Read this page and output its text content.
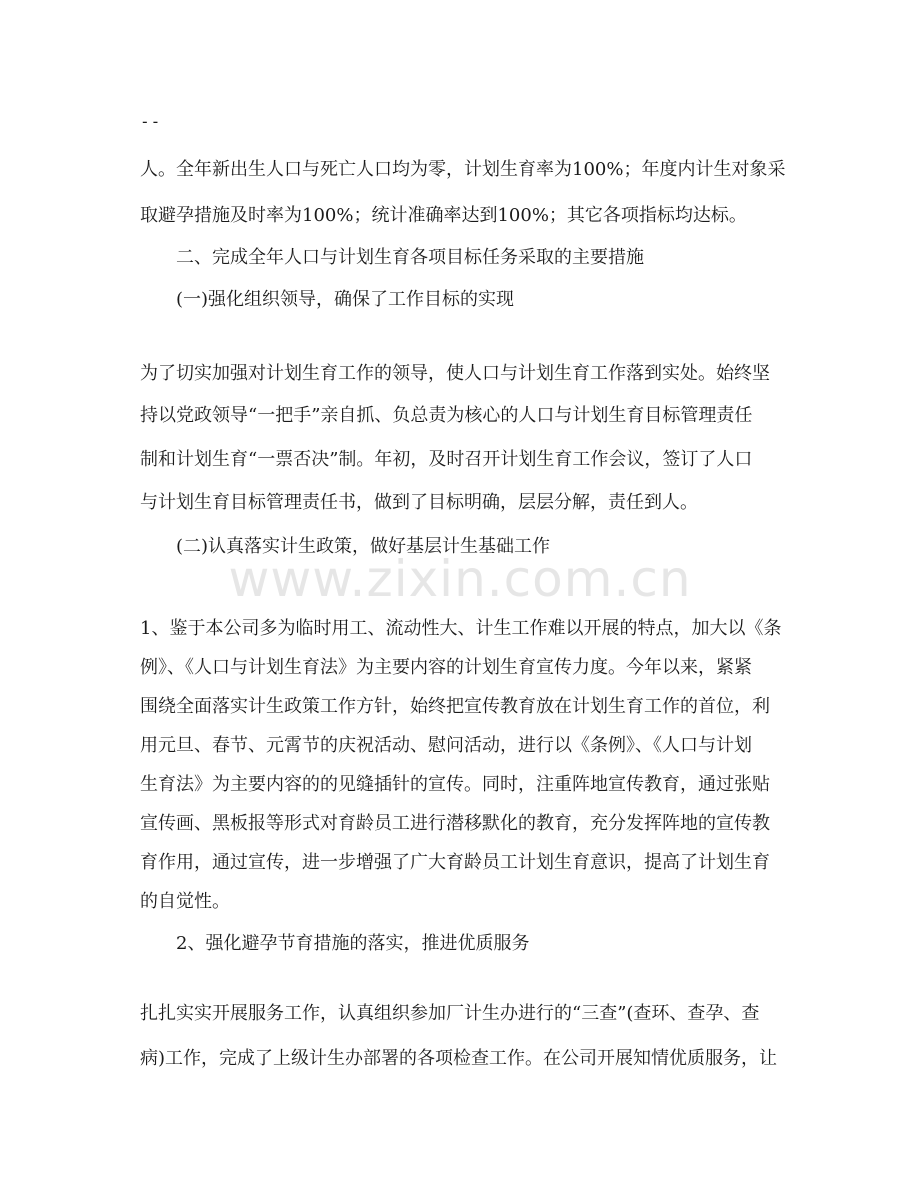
--
人。全年新出生人口与死亡人口均为零，计划生育率为100%；年度内计生对象采
取避孕措施及时率为100%；统计准确率达到100%；其它各项指标均达标。
二、完成全年人口与计划生育各项目标任务采取的主要措施
(一)强化组织领导，确保了工作目标的实现
为了切实加强对计划生育工作的领导，使人口与计划生育工作落到实处。始终坚
持以党政领导“一把手”亲自抓、负总责为核心的人口与计划生育目标管理责任
制和计划生育“一票否决”制。年初，及时召开计划生育工作会议，签订了人口
与计划生育目标管理责任书，做到了目标明确，层层分解，责任到人。
(二)认真落实计生政策，做好基层计生基础工作
www.zixin.com.cn
1、鉴于本公司多为临时用工、流动性大、计生工作难以开展的特点，加大以《条
例》、《人口与计划生育法》为主要内容的计划生育宣传力度。今年以来，紧紧
围绕全面落实计生政策工作方针，始终把宣传教育放在计划生育工作的首位，利
用元旦、春节、元霄节的庆祝活动、慰问活动，进行以《条例》、《人口与计划
生育法》为主要内容的的见缝插针的宣传。同时，注重阵地宣传教育，通过张贴
宣传画、黑板报等形式对育龄员工进行潜移默化的教育，充分发挥阵地的宣传教
育作用，通过宣传，进一步增强了广大育龄员工计划生育意识，提高了计划生育
的自觉性。
2、强化避孕节育措施的落实，推进优质服务
扎扎实实开展服务工作，认真组织参加厂计生办进行的“三查”(查环、查孕、查
病)工作，完成了上级计生办部署的各项检查工作。在公司开展知情优质服务，让
